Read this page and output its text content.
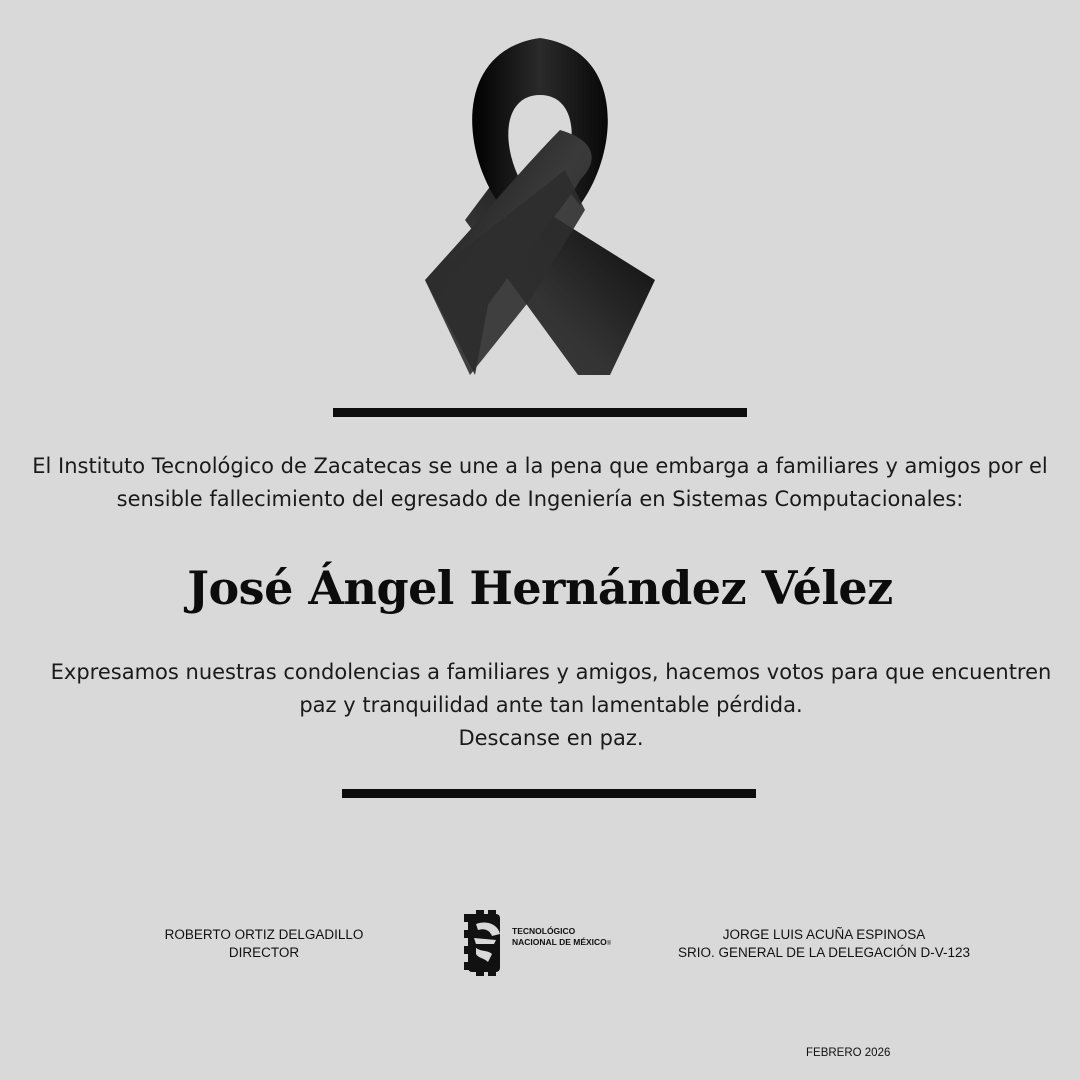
El Instituto Tecnológico de Zacatecas se une a la pena que embarga a familiares y amigos por el
sensible fallecimiento del egresado de Ingeniería en Sistemas Computacionales:

José Ángel Hernández Vélez

Expresamos nuestras condolencias a familiares y amigos, hacemos votos para que encuentren
paz y tranquilidad ante tan lamentable pérdida.
Descanse en paz.

ROBERTO ORTIZ DELGADILLO
DIRECTOR
TECNOLÓGICO
NACIONAL DE MÉXICO®
JORGE LUIS ACUÑA ESPINOSA
SRIO. GENERAL DE LA DELEGACIÓN D-V-123
FEBRERO 2026
